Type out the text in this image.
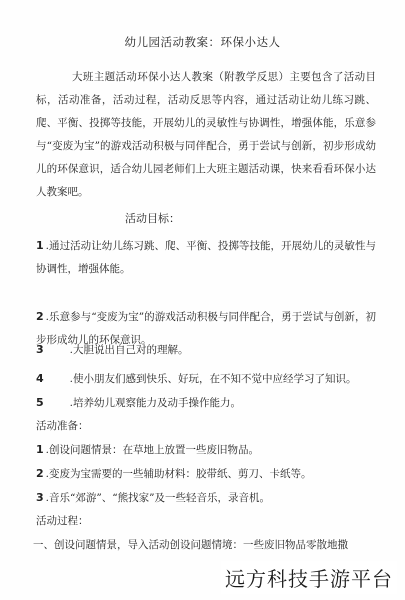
幼儿园活动教案：环保小达人
大班主题活动环保小达人教案（附教学反思）主要包含了活动目标，活动准备，活动过程，活动反思等内容，通过活动让幼儿练习跳、爬、平衡、投掷等技能，开展幼儿的灵敏性与协调性，增强体能，乐意参与“变废为宝”的游戏活动积极与同伴配合，勇于尝试与创新，初步形成幼儿的环保意识，适合幼儿园老师们上大班主题活动课，快来看看环保小达人教案吧。
活动目标：
1 .通过活动让幼儿练习跳、爬、平衡、投掷等技能，开展幼儿的灵敏性与协调性，增强体能。
2 .乐意参与“变废为宝”的游戏活动积极与同伴配合，勇于尝试与创新，初步形成幼儿的环保意识。
3 .大胆说出自己对的理解。
4 .使小朋友们感到快乐、好玩，在不知不觉中应经学习了知识。
5 .培养幼儿观察能力及动手操作能力。
活动准备：
1 .创设问题情景：在草地上放置一些废旧物品。
2 .变废为宝需要的一些辅助材料：胶带纸、剪刀、卡纸等。
3 .音乐“郊游”、“熊找家”及一些轻音乐，录音机。
活动过程：
一、创设问题情景，导入活动创设问题情境：一些废旧物品零散地撒
远方科技手游平台
